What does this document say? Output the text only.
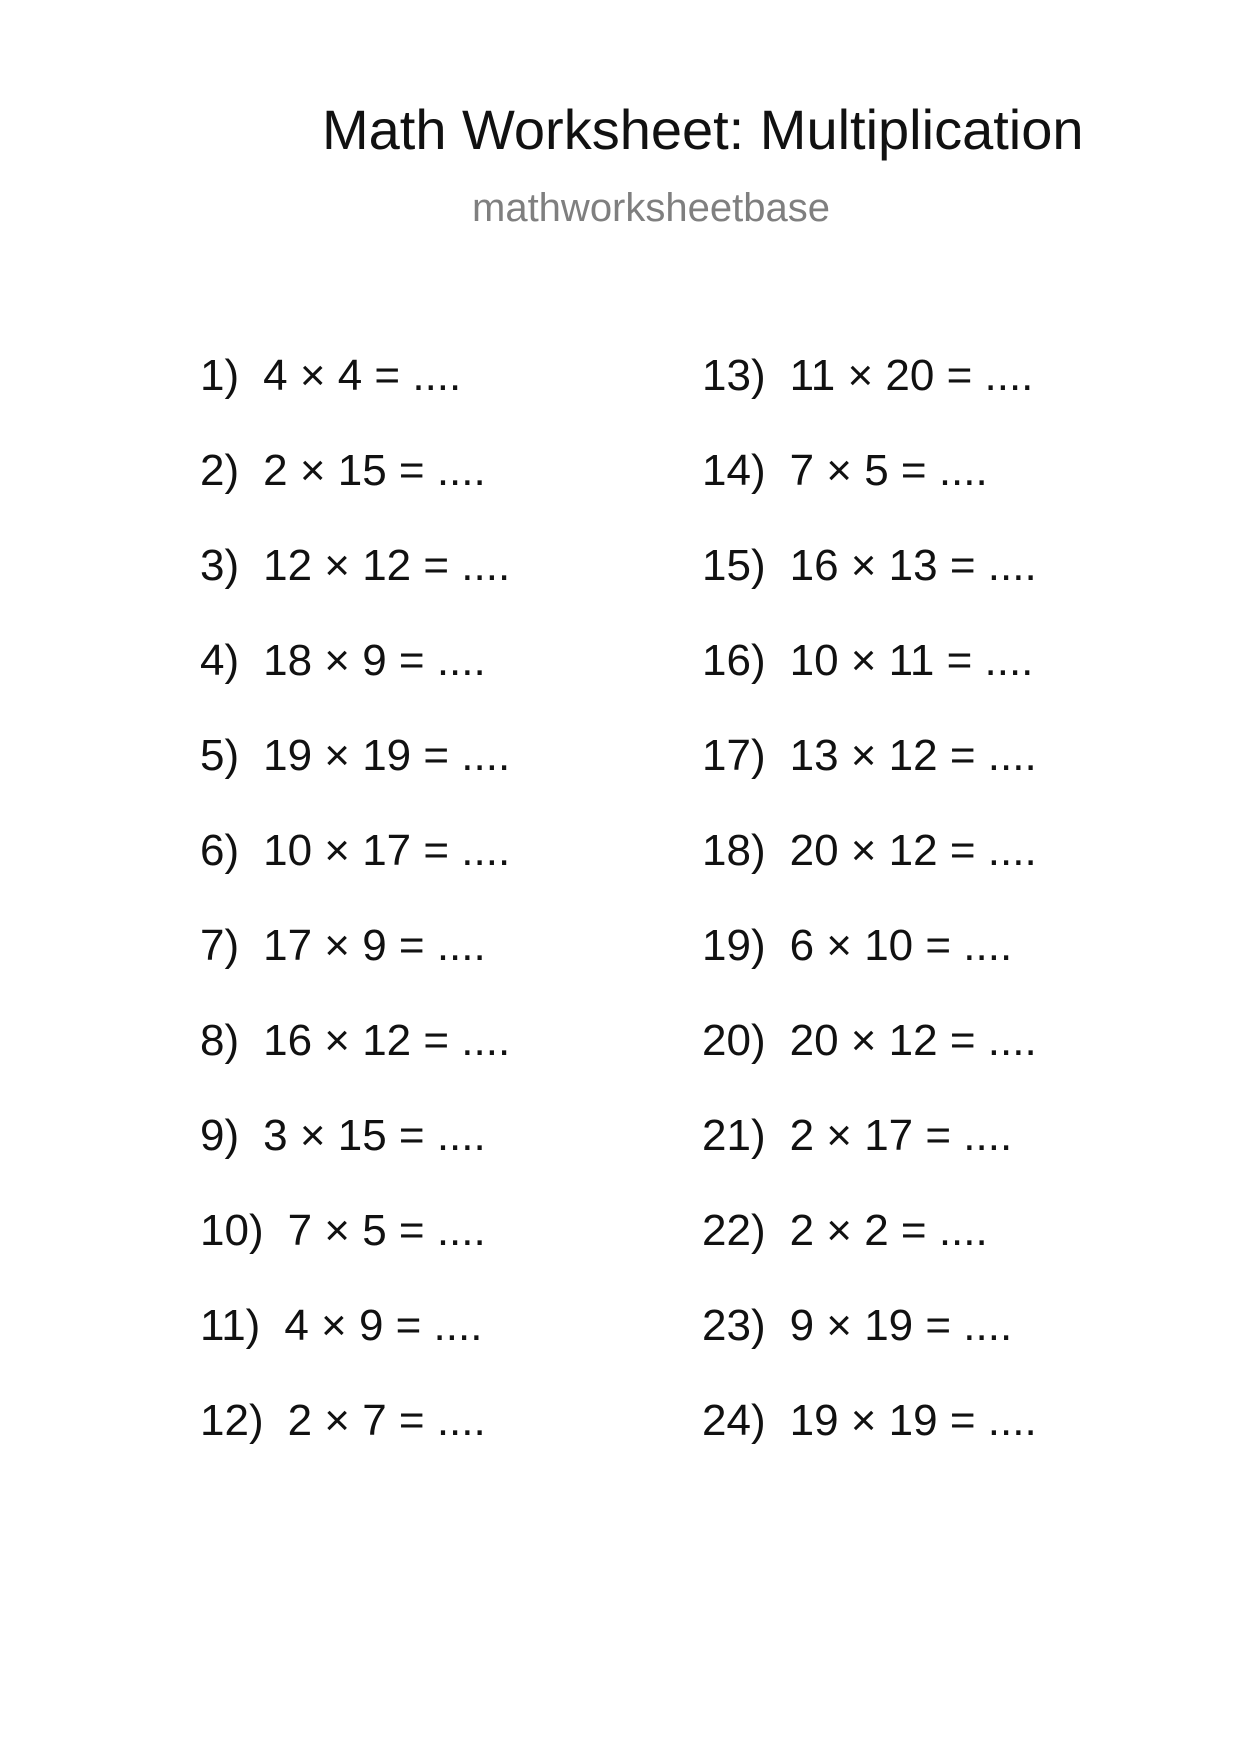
Math Worksheet: Multiplication
mathworksheetbase
1) 4 × 4 = ....
2) 2 × 15 = ....
3) 12 × 12 = ....
4) 18 × 9 = ....
5) 19 × 19 = ....
6) 10 × 17 = ....
7) 17 × 9 = ....
8) 16 × 12 = ....
9) 3 × 15 = ....
10) 7 × 5 = ....
11) 4 × 9 = ....
12) 2 × 7 = ....
13) 11 × 20 = ....
14) 7 × 5 = ....
15) 16 × 13 = ....
16) 10 × 11 = ....
17) 13 × 12 = ....
18) 20 × 12 = ....
19) 6 × 10 = ....
20) 20 × 12 = ....
21) 2 × 17 = ....
22) 2 × 2 = ....
23) 9 × 19 = ....
24) 19 × 19 = ....
